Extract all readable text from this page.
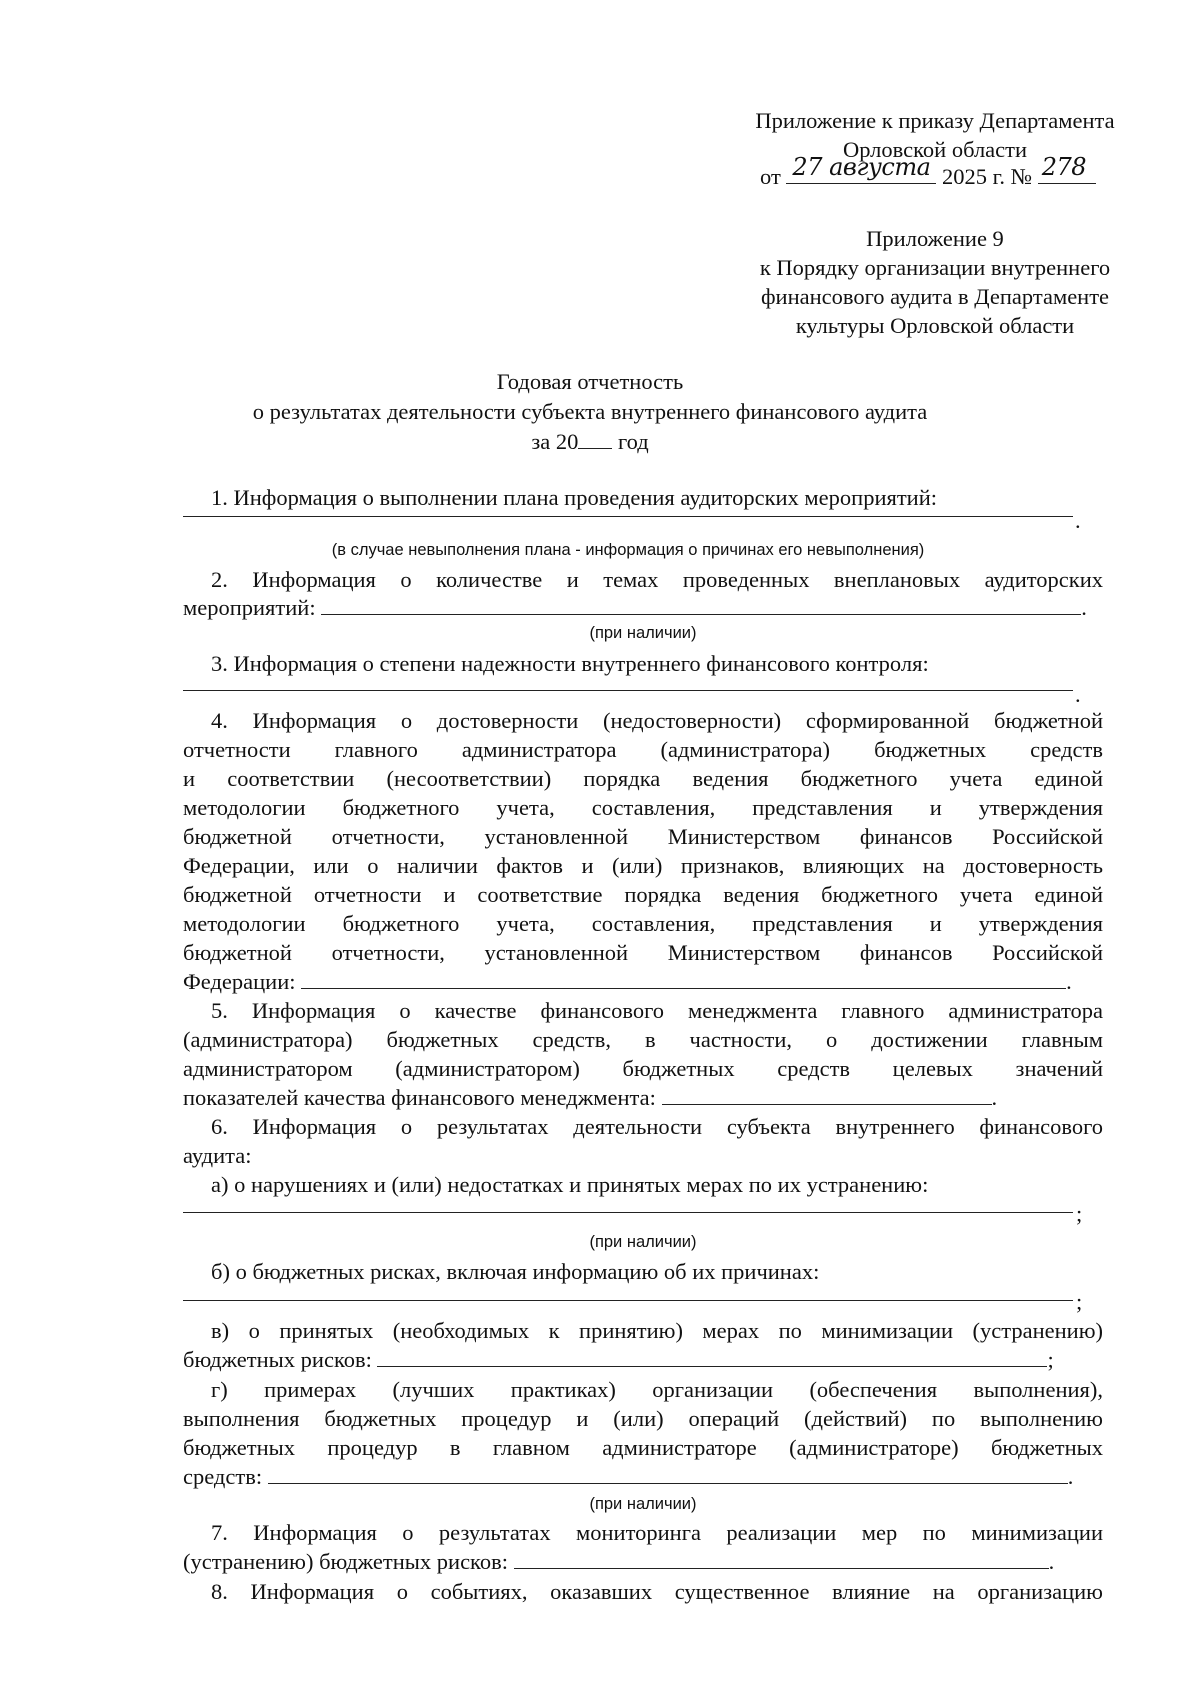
Приложение к приказу Департамента
Орловской области
от 27 августа 2025 г. № 278
Приложение 9
к Порядку организации внутреннего
финансового аудита в Департаменте
культуры Орловской области
Годовая отчетность
о результатах деятельности субъекта внутреннего финансового аудита
за 20 год
1. Информация о выполнении плана проведения аудиторских мероприятий:
.
(в случае невыполнения плана - информация о причинах его невыполнения)
2. Информация о количестве и темах проведенных внеплановых аудиторских
мероприятий:	.
(при наличии)
3. Информация о степени надежности внутреннего финансового контроля:
.
4. Информация о достоверности (недостоверности) сформированной бюджетной
отчетности главного администратора (администратора) бюджетных средств
и соответствии (несоответствии) порядка ведения бюджетного учета единой
методологии бюджетного учета, составления, представления и утверждения
бюджетной отчетности, установленной Министерством финансов Российской
Федерации, или о наличии фактов и (или) признаков, влияющих на достоверность
бюджетной отчетности и соответствие порядка ведения бюджетного учета единой
методологии бюджетного учета, составления, представления и утверждения
бюджетной отчетности, установленной Министерством финансов Российской
Федерации:	.
5. Информация о качестве финансового менеджмента главного администратора
(администратора) бюджетных средств, в частности, о достижении главным
администратором (администратором) бюджетных средств целевых значений
показателей качества финансового менеджмента:	.
6. Информация о результатах деятельности субъекта внутреннего финансового
аудита:
а) о нарушениях и (или) недостатках и принятых мерах по их устранению:
;
(при наличии)
б) о бюджетных рисках, включая информацию об их причинах:
;
в) о принятых (необходимых к принятию) мерах по минимизации (устранению)
бюджетных рисков:	;
г) примерах (лучших практиках) организации (обеспечения выполнения),
выполнения бюджетных процедур и (или) операций (действий) по выполнению
бюджетных процедур в главном администраторе (администраторе) бюджетных
средств:	.
(при наличии)
7. Информация о результатах мониторинга реализации мер по минимизации
(устранению) бюджетных рисков:	.
8. Информация о событиях, оказавших существенное влияние на организацию
